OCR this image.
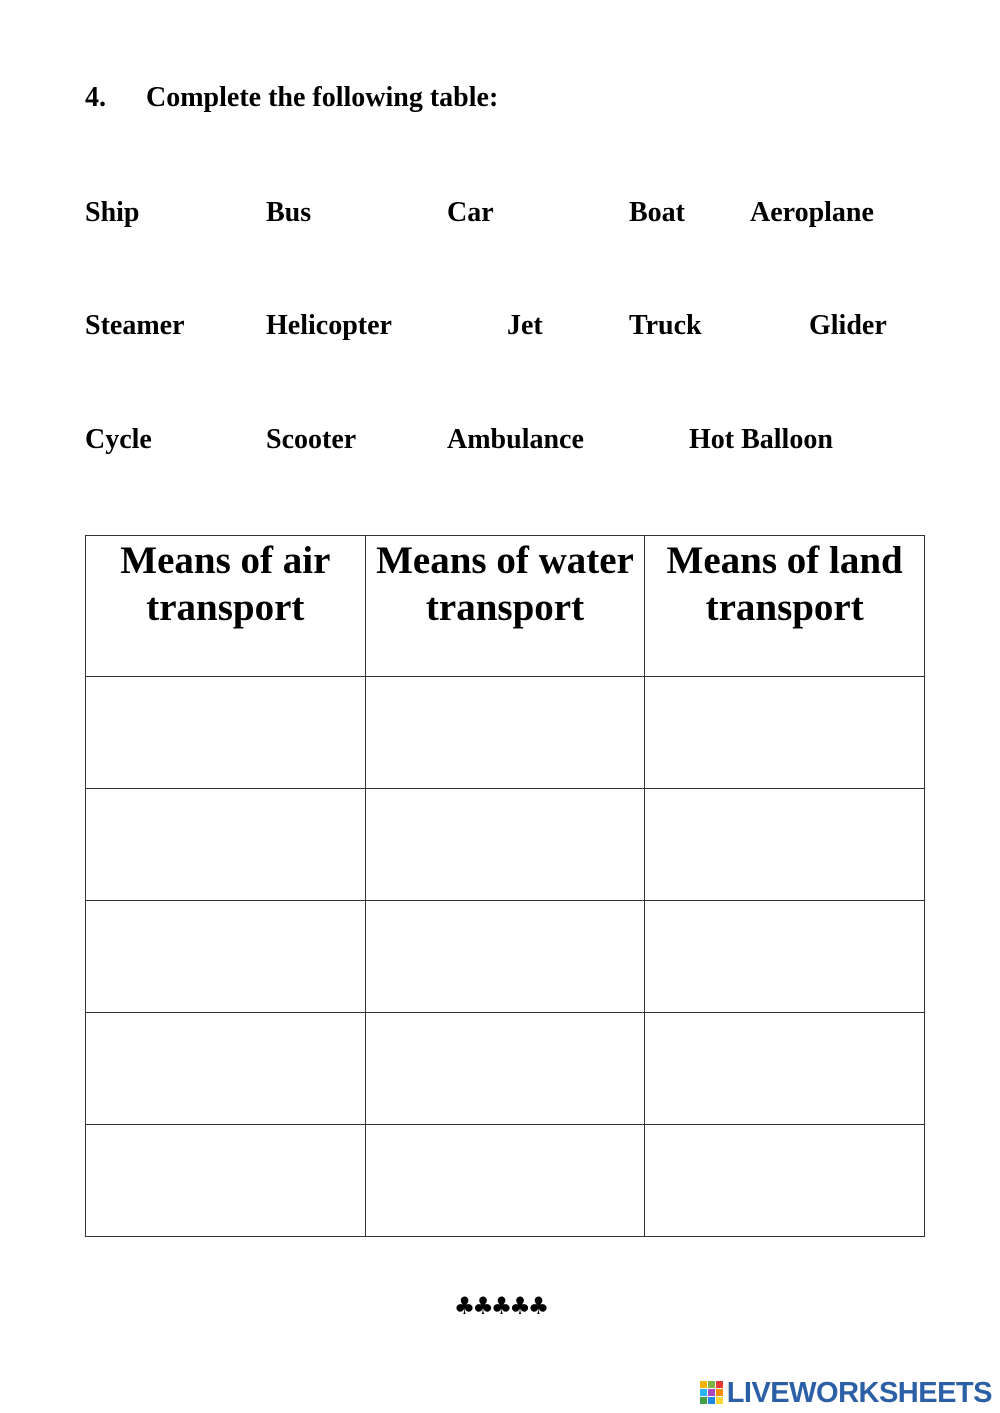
4. Complete the following table:
Ship	Bus	Car	Boat Aeroplane
Steamer	Helicopter	Jet	Truck	Glider
Cycle	Scooter	Ambulance	Hot Balloon
Means of air transport	Means of water transport	Means of land transport

♣♣♣♣♣
LIVEWORKSHEETS
